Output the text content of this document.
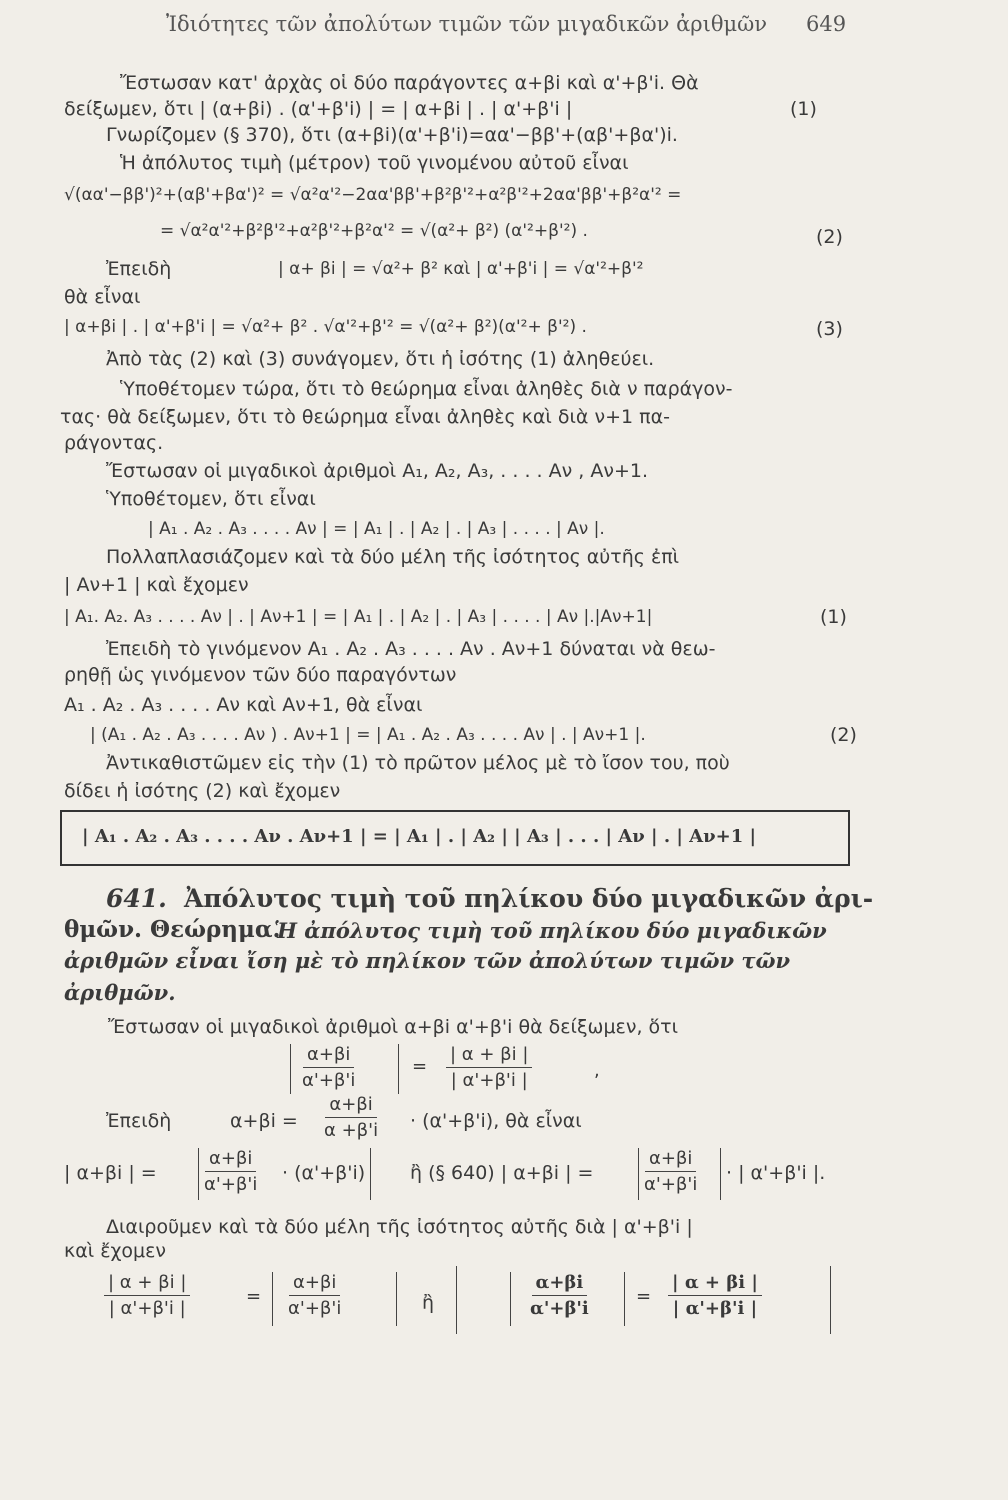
Ἰδιότητες τῶν ἀπολύτων τιμῶν τῶν μιγαδικῶν ἀριθμῶν 649
Ἔστωσαν κατ' ἀρχὰς οἱ δύο παράγοντες α+βi καὶ α'+β'i. Θὰ
δείξωμεν, ὅτι | (α+βi) . (α'+β'i) | = | α+βi | . | α'+β'i |	(1)
Γνωρίζομεν (§ 370), ὅτι (α+βi)(α'+β'i)=αα'−ββ'+(αβ'+βα')i.
Ἡ ἀπόλυτος τιμὴ (μέτρον) τοῦ γινομένου αὐτοῦ εἶναι
√(αα'−ββ')²+(αβ'+βα')² = √α²α'²−2αα'ββ'+β²β'²+α²β'²+2αα'ββ'+β²α'² =
= √α²α'²+β²β'²+α²β'²+β²α'² = √(α²+ β²) (α'²+β'²) .	(2)
Ἐπειδὴ	| α+ βi | = √α²+ β² καὶ | α'+β'i | = √α'²+β'²
θὰ εἶναι
| α+βi | . | α'+β'i | = √α²+ β² . √α'²+β'² = √(α²+ β²)(α'²+ β'²) .	(3)
Ἀπὸ τὰς (2) καὶ (3) συνάγομεν, ὅτι ἡ ἰσότης (1) ἀληθεύει.
Ὑποθέτομεν τώρα, ὅτι τὸ θεώρημα εἶναι ἀληθὲς διὰ ν παράγον-
τας· θὰ δείξωμεν, ὅτι τὸ θεώρημα εἶναι ἀληθὲς καὶ διὰ ν+1 πα-
ράγοντας.
Ἔστωσαν οἱ μιγαδικοὶ ἀριθμοὶ A₁, A₂, A₃, . . . . Aν , Aν+1.
Ὑποθέτομεν, ὅτι εἶναι
| A₁ . A₂ . A₃ . . . . Aν | = | A₁ | . | A₂ | . | A₃ | . . . . | Aν |.
Πολλαπλασιάζομεν καὶ τὰ δύο μέλη τῆς ἰσότητος αὐτῆς ἐπὶ
| Aν+1 | καὶ ἔχομεν
| A₁. A₂. A₃ . . . . Aν | . | Aν+1 | = | A₁ | . | A₂ | . | A₃ | . . . . | Aν |.|Aν+1|	(1)
Ἐπειδὴ τὸ γινόμενον A₁ . A₂ . A₃ . . . . Aν . Aν+1 δύναται νὰ θεω-
ρηθῇ ὡς γινόμενον τῶν δύο παραγόντων
A₁ . A₂ . A₃ . . . . Aν καὶ Aν+1, θὰ εἶναι
| (A₁ . A₂ . A₃ . . . . Aν ) . Aν+1 | = | A₁ . A₂ . A₃ . . . . Aν | . | Aν+1 |.	(2)
Ἀντικαθιστῶμεν εἰς τὴν (1) τὸ πρῶτον μέλος μὲ τὸ ἴσον του, ποὺ
δίδει ἡ ἰσότης (2) καὶ ἔχομεν
| A₁ . A₂ . A₃ . . . . Aν . Aν+1 | = | A₁ | . | A₂ | | A₃ | . . . | Aν | . | Aν+1 |
641. Ἀπόλυτος τιμὴ τοῦ πηλίκου δύο μιγαδικῶν ἀρι-
θμῶν. Θεώρημα.
Ἡ ἀπόλυτος τιμὴ τοῦ πηλίκου δύο μιγαδικῶν
ἀριθμῶν εἶναι ἴση μὲ τὸ πηλίκον τῶν ἀπολύτων τιμῶν τῶν
ἀριθμῶν.
Ἔστωσαν οἱ μιγαδικοὶ ἀριθμοὶ α+βi α'+β'i θὰ δείξωμεν, ὅτι
$\frac{\alpha+\beta i}{\alpha'+\beta'i}$	= $\frac{| \alpha + \beta i |}{| \alpha'+\beta'i |}$	,
Ἐπειδὴ	$\alpha+\beta i = \frac{\alpha+\beta i}{\alpha +\beta'i} \cdot (\alpha'+\beta'i)$, θὰ εἶναι
| α+βi | = $\frac{\alpha+\beta i}{\alpha'+\beta'i} \cdot (\alpha'+\beta'i)$ ἢ (§ 640) | α+βi | =	$\frac{\alpha+\beta i}{\alpha'+\beta'i}$ · | α'+β'i |.
Διαιροῦμεν καὶ τὰ δύο μέλη τῆς ἰσότητος αὐτῆς διὰ | α'+β'i |
καὶ ἔχομεν
$\frac{| \alpha + \beta i |}{| \alpha'+\beta'i |}$	= $\frac{\alpha+\beta i}{\alpha'+\beta'i}$	ἢ	$\frac{\alpha+\beta i}{\alpha'+\beta'i} = \frac{| \alpha + \beta i |}{| \alpha'+\beta'i |}$
